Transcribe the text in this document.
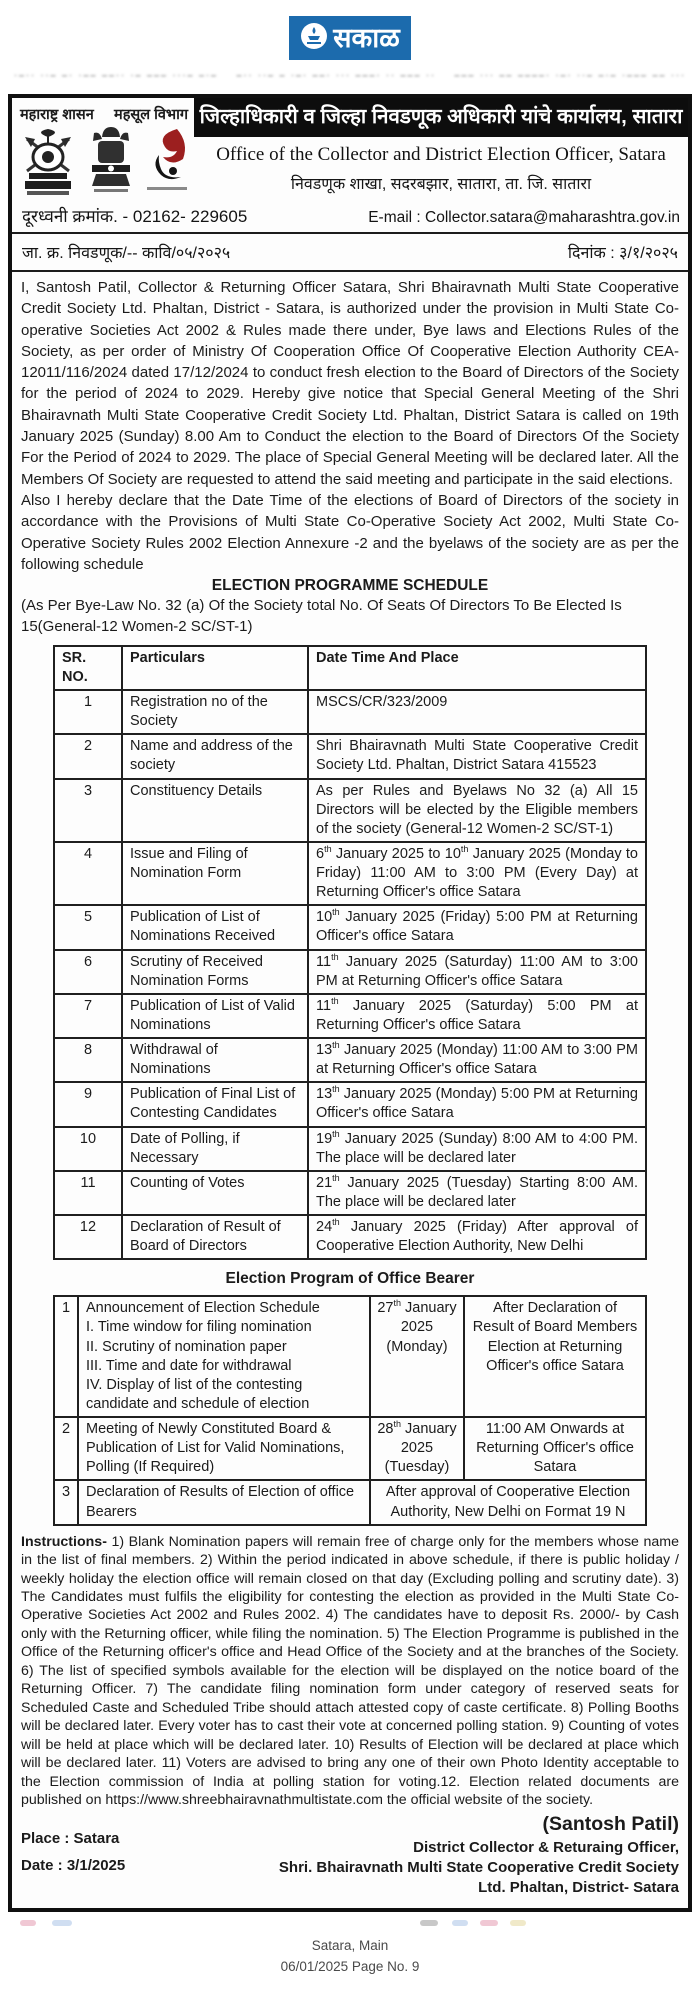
सकाळ
·–·· ··– –· ·–– ––·· ·– ––– ···– –·– –·· ··– – ·–· ––· ··· –––· ·· ––– ·· ––– ··· –– ––––· ·–· ··– –·– ·––– –– ···
महाराष्ट्र शासन महसूल विभाग जिल्हाधिकारी व जिल्हा निवडणूक अधिकारी यांचे कार्यालय, सातारा
Office of the Collector and District Election Officer, Satara
निवडणूक शाखा, सदरबझार, सातारा, ता. जि. सातारा
दूरध्वनी क्रमांक. - 02162- 229605	E-mail : Collector.satara@maharashtra.gov.in
जा. क्र. निवडणूक/-- कावि/०५/२०२५	दिनांक : ३/१/२०२५
I, Santosh Patil, Collector & Returning Officer Satara, Shri Bhairavnath Multi State Cooperative Credit Society Ltd. Phaltan, District - Satara, is authorized under the provision in Multi State Co-operative Societies Act 2002 & Rules made there under, Bye laws and Elections Rules of the Society, as per order of Ministry Of Cooperation Office Of Cooperative Election Authority CEA-12011/116/2024 dated 17/12/2024 to conduct fresh election to the Board of Directors of the Society for the period of 2024 to 2029. Hereby give notice that Special General Meeting of the Shri Bhairavnath Multi State Cooperative Credit Society Ltd. Phaltan, District Satara is called on 19th January 2025 (Sunday) 8.00 Am to Conduct the election to the Board of Directors Of the Society For the Period of 2024 to 2029. The place of Special General Meeting will be declared later. All the Members Of Society are requested to attend the said meeting and participate in the said elections.
Also I hereby declare that the Date Time of the elections of Board of Directors of the society in accordance with the Provisions of Multi State Co-Operative Society Act 2002, Multi State Co-Operative Society Rules 2002 Election Annexure -2 and the byelaws of the society are as per the following schedule
ELECTION PROGRAMME SCHEDULE
(As Per Bye-Law No. 32 (a) Of the Society total No. Of Seats Of Directors To Be Elected Is 15(General-12 Women-2 SC/ST-1)
SR. NO.	Particulars	Date Time And Place
1	Registration no of the Society	MSCS/CR/323/2009
2	Name and address of the society	Shri Bhairavnath Multi State Cooperative Credit Society Ltd. Phaltan, District Satara 415523
3	Constituency Details	As per Rules and Byelaws No 32 (a) All 15 Directors will be elected by the Eligible members of the society (General-12 Women-2 SC/ST-1)
4	Issue and Filing of Nomination Form	6th January 2025 to 10th January 2025 (Monday to Friday) 11:00 AM to 3:00 PM (Every Day) at Returning Officer's office Satara
5	Publication of List of Nominations Received	10th January 2025 (Friday) 5:00 PM at Returning Officer's office Satara
6	Scrutiny of Received Nomination Forms	11th January 2025 (Saturday) 11:00 AM to 3:00 PM at Returning Officer's office Satara
7	Publication of List of Valid Nominations	11th January 2025 (Saturday) 5:00 PM at Returning Officer's office Satara
8	Withdrawal of Nominations	13th January 2025 (Monday) 11:00 AM to 3:00 PM at Returning Officer's office Satara
9	Publication of Final List of Contesting Candidates	13th January 2025 (Monday) 5:00 PM at Returning Officer's office Satara
10	Date of Polling, if Necessary	19th January 2025 (Sunday) 8:00 AM to 4:00 PM. The place will be declared later
11	Counting of Votes	21th January 2025 (Tuesday) Starting 8:00 AM. The place will be declared later
12	Declaration of Result of Board of Directors	24th January 2025 (Friday) After approval of Cooperative Election Authority, New Delhi
Election Program of Office Bearer
1	Announcement of Election Schedule
I. Time window for filing nomination
II. Scrutiny of nomination paper
III. Time and date for withdrawal
IV. Display of list of the contesting candidate and schedule of election	27th January 2025 (Monday)	After Declaration of Result of Board Members Election at Returning Officer's office Satara
2	Meeting of Newly Constituted Board & Publication of List for Valid Nominations, Polling (If Required)	28th January 2025 (Tuesday)	11:00 AM Onwards at Returning Officer's office Satara
3	Declaration of Results of Election of office Bearers	After approval of Cooperative Election Authority, New Delhi on Format 19 N	
Instructions- 1) Blank Nomination papers will remain free of charge only for the members whose name in the list of final members. 2) Within the period indicated in above schedule, if there is public holiday / weekly holiday the election office will remain closed on that day (Excluding polling and scrutiny date). 3) The Candidates must fulfils the eligibility for contesting the election as provided in the Multi State Co-Operative Societies Act 2002 and Rules 2002. 4) The candidates have to deposit Rs. 2000/- by Cash only with the Returning officer, while filing the nomination. 5) The Election Programme is published in the Office of the Returning officer's office and Head Office of the Society and at the branches of the Society. 6) The list of specified symbols available for the election will be displayed on the notice board of the Returning Officer. 7) The candidate filing nomination form under category of reserved seats for Scheduled Caste and Scheduled Tribe should attach attested copy of caste certificate. 8) Polling Booths will be declared later. Every voter has to cast their vote at concerned polling station. 9) Counting of votes will be held at place which will be declared later. 10) Results of Election will be declared at place which will be declared later. 11) Voters are advised to bring any one of their own Photo Identity acceptable to the Election commission of India at polling station for voting.12. Election related documents are published on https://www.shreebhairavnathmultistate.com the official website of the society.
Place : Satara
Date : 3/1/2025
(Santosh Patil)
District Collector & Returaing Officer,
Shri. Bhairavnath Multi State Cooperative Credit Society
Ltd. Phaltan, District- Satara
Satara, Main
06/01/2025 Page No. 9
